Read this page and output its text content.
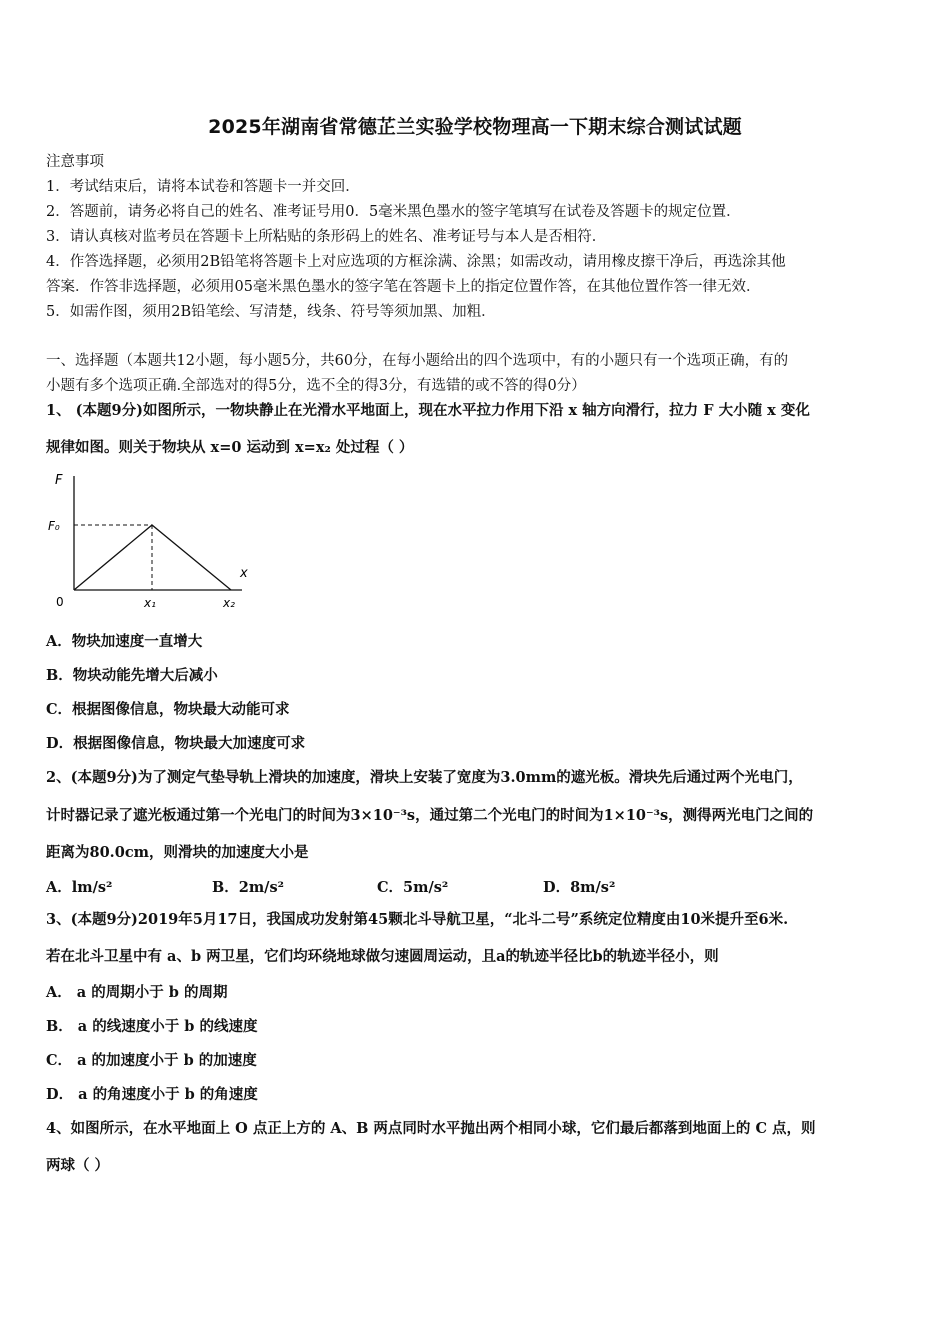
2025年湖南省常德芷兰实验学校物理高一下期末综合测试试题
注意事项
1．考试结束后，请将本试卷和答题卡一并交回．
2．答题前，请务必将自己的姓名、准考证号用0．5毫米黑色墨水的签字笔填写在试卷及答题卡的规定位置．
3．请认真核对监考员在答题卡上所粘贴的条形码上的姓名、准考证号与本人是否相符．
4．作答选择题，必须用2B铅笔将答题卡上对应选项的方框涂满、涂黑；如需改动，请用橡皮擦干净后，再选涂其他
答案．作答非选择题，必须用05毫米黑色墨水的签字笔在答题卡上的指定位置作答，在其他位置作答一律无效．
5．如需作图，须用2B铅笔绘、写清楚，线条、符号等须加黑、加粗．
一、选择题（本题共12小题，每小题5分，共60分，在每小题给出的四个选项中，有的小题只有一个选项正确，有的
小题有多个选项正确.全部选对的得5分，选不全的得3分，有选错的或不答的得0分）
1、 (本题9分)如图所示，一物块静止在光滑水平地面上，现在水平拉力作用下沿 x 轴方向滑行，拉力 F 大小随 x 变化
规律如图。则关于物块从 x=0 运动到 x=x₂ 处过程（ ）
F
F₀
x
0	x₁	x₂
A．物块加速度一直增大
B．物块动能先增大后减小
C．根据图像信息，物块最大动能可求
D．根据图像信息，物块最大加速度可求
2、(本题9分)为了测定气垫导轨上滑块的加速度，滑块上安装了宽度为3.0mm的遮光板。滑块先后通过两个光电门，
计时器记录了遮光板通过第一个光电门的时间为3×10⁻³s，通过第二个光电门的时间为1×10⁻³s，测得两光电门之间的
距离为80.0cm，则滑块的加速度大小是
A．lm/s²	B．2m/s²	C．5m/s²	D．8m/s²
3、(本题9分)2019年5月17日，我国成功发射第45颗北斗导航卫星，“北斗二号”系统定位精度由10米提升至6米.
若在北斗卫星中有 a、b 两卫星，它们均环绕地球做匀速圆周运动，且a的轨迹半径比b的轨迹半径小，则
A． a 的周期小于 b 的周期
B． a 的线速度小于 b 的线速度
C． a 的加速度小于 b 的加速度
D． a 的角速度小于 b 的角速度
4、如图所示，在水平地面上 O 点正上方的 A、B 两点同时水平抛出两个相同小球，它们最后都落到地面上的 C 点，则
两球（ ）
